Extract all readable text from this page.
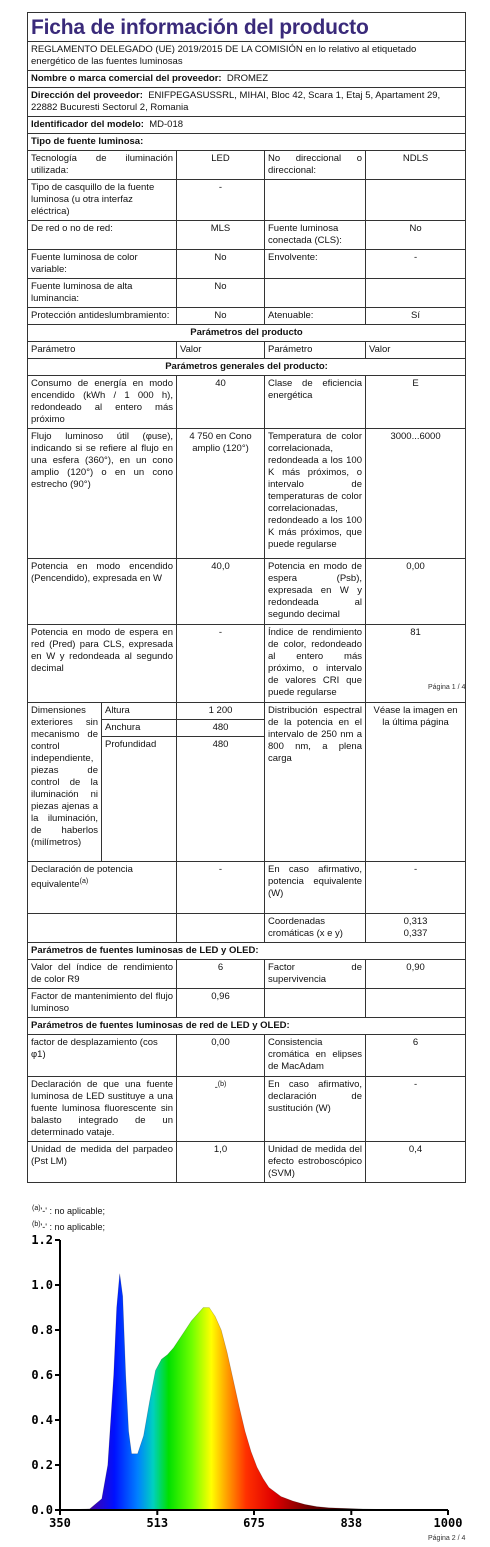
Ficha de información del producto				
REGLAMENTO DELEGADO (UE) 2019/2015 DE LA COMISIÓN en lo relativo al etiquetado energético de las fuentes luminosas				
Nombre o marca comercial del proveedor: DROMEZ				
Dirección del proveedor: ENIFPEGASUSSRL, MIHAI, Bloc 42, Scara 1, Etaj 5, Apartament 29, 22882 Bucuresti Sectorul 2, Romania				
Identificador del modelo: MD-018				
Tipo de fuente luminosa:				
Tecnología de iluminación utilizada:		LED	No direccional o direccional:	NDLS
Tipo de casquillo de la fuente luminosa (u otra interfaz eléctrica)		-		
De red o no de red:		MLS	Fuente luminosa conectada (CLS):	No
Fuente luminosa de color variable:		No	Envolvente:	-
Fuente luminosa de alta luminancia:		No		
Protección antideslumbramiento:		No	Atenuable:	Sí
Parámetros del producto				
Parámetro		Valor	Parámetro	Valor
Parámetros generales del producto:				
Consumo de energía en modo encendido (kWh / 1 000 h), redondeado al entero más próximo		40	Clase de eficiencia energética	E
Flujo luminoso útil (φuse), indicando si se refiere al flujo en una esfera (360°), en un cono amplio (120°) o en un cono estrecho (90°)		4 750 en Cono amplio (120°)	Temperatura de color correlacionada, redondeada a los 100 K más próximos, o intervalo de temperaturas de color correlacionadas, redondeado a los 100 K más próximos, que puede regularse	3000...6000
Potencia en modo encendido (Pencendido), expresada en W		40,0	Potencia en modo de espera (Psb), expresada en W y redondeada al segundo decimal	0,00
Potencia en modo de espera en red (Pred) para CLS, expresada en W y redondeada al segundo decimal		-	Índice de rendimiento de color, redondeado al entero más próximo, o intervalo de valores CRI que puede regularse	81
Dimensiones exteriores sin mecanismo de control independiente, piezas de control de la iluminación ni piezas ajenas a la iluminación, de haberlos (milímetros)	Altura	1 200	Distribución espectral de la potencia en el intervalo de 250 nm a 800 nm, a plena carga	Véase la imagen en la última página
	Anchura	480		
	Profundidad	480		

Declaración de potencia equivalente$^{(a)}$		-	En caso afirmativo, potencia equivalente (W)	-
			Coordenadas cromáticas (x e y)	0,313
0,337

Parámetros de fuentes luminosas de LED y OLED:				
Valor del índice de rendimiento de color R9		6	Factor de supervivencia	0,90
Factor de mantenimiento del flujo luminoso		0,96		
Parámetros de fuentes luminosas de red de LED y OLED:				
factor de desplazamiento (cos φ1)		0,00	Consistencia cromática en elipses de MacAdam	6
Declaración de que una fuente luminosa de LED sustituye a una fuente luminosa fluorescente sin balasto integrado de un determinado vataje.		-$^{(b)}$	En caso afirmativo, declaración de sustitución (W)	-
Unidad de medida del parpadeo (Pst LM)		1,0	Unidad de medida del efecto estroboscópico (SVM)	0,4
Página 1 / 4
$^{(a)}$'-' : no aplicable;
$^{(b)}$'-' : no aplicable;
0.0
0.2
0.4
0.6
0.8
1.0
1.2
350	513	675	838	1000
Página 2 / 4
